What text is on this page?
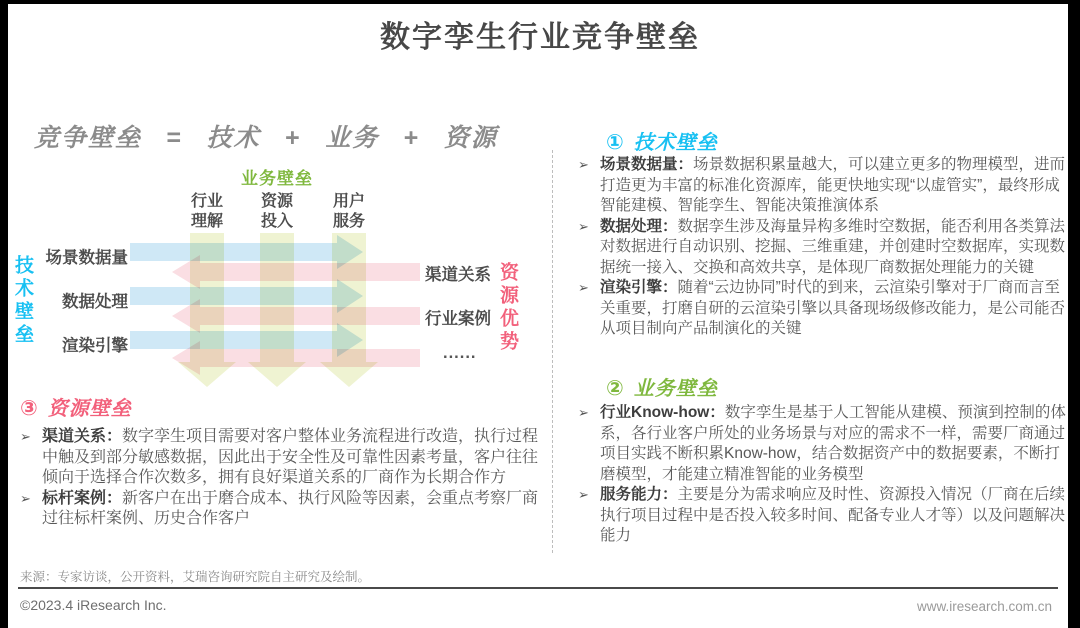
数字孪生行业竞争壁垒
竞争壁垒 = 技术 + 业务 + 资源
业务壁垒
行业
理解
资源
投入
用户
服务
场景数据量
数据处理
渲染引擎
渠道关系
行业案例
......
技术壁垒	资源优势
③ 资源壁垒
➢ 渠道关系：数字孪生项目需要对客户整体业务流程进行改造，执行过程中触及到部分敏感数据，因此出于安全性及可靠性因素考量，客户往往倾向于选择合作次数多，拥有良好渠道关系的厂商作为长期合作方

➢ 标杆案例：新客户在出于磨合成本、执行风险等因素，会重点考察厂商过往标杆案例、历史合作客户

① 技术壁垒
➢ 场景数据量：场景数据积累量越大，可以建立更多的物理模型，进而打造更为丰富的标准化资源库，能更快地实现“以虚管实”，最终形成智能建模、智能孪生、智能决策推演体系

➢ 数据处理：数据孪生涉及海量异构多维时空数据，能否利用各类算法对数据进行自动识别、挖掘、三维重建，并创建时空数据库，实现数据统一接入、交换和高效共享，是体现厂商数据处理能力的关键

➢ 渲染引擎：随着“云边协同”时代的到来，云渲染引擎对于厂商而言至关重要，打磨自研的云渲染引擎以具备现场级修改能力，是公司能否从项目制向产品制演化的关键

② 业务壁垒
➢ 行业Know-how：数字孪生是基于人工智能从建模、预演到控制的体系，各行业客户所处的业务场景与对应的需求不一样，需要厂商通过项目实践不断积累Know-how，结合数据资产中的数据要素，不断打磨模型，才能建立精准智能的业务模型

➢ 服务能力：主要是分为需求响应及时性、资源投入情况（厂商在后续执行项目过程中是否投入较多时间、配备专业人才等）以及问题解决能力

来源：专家访谈，公开资料，艾瑞咨询研究院自主研究及绘制。
©2023.4 iResearch Inc.	www.iresearch.com.cn
